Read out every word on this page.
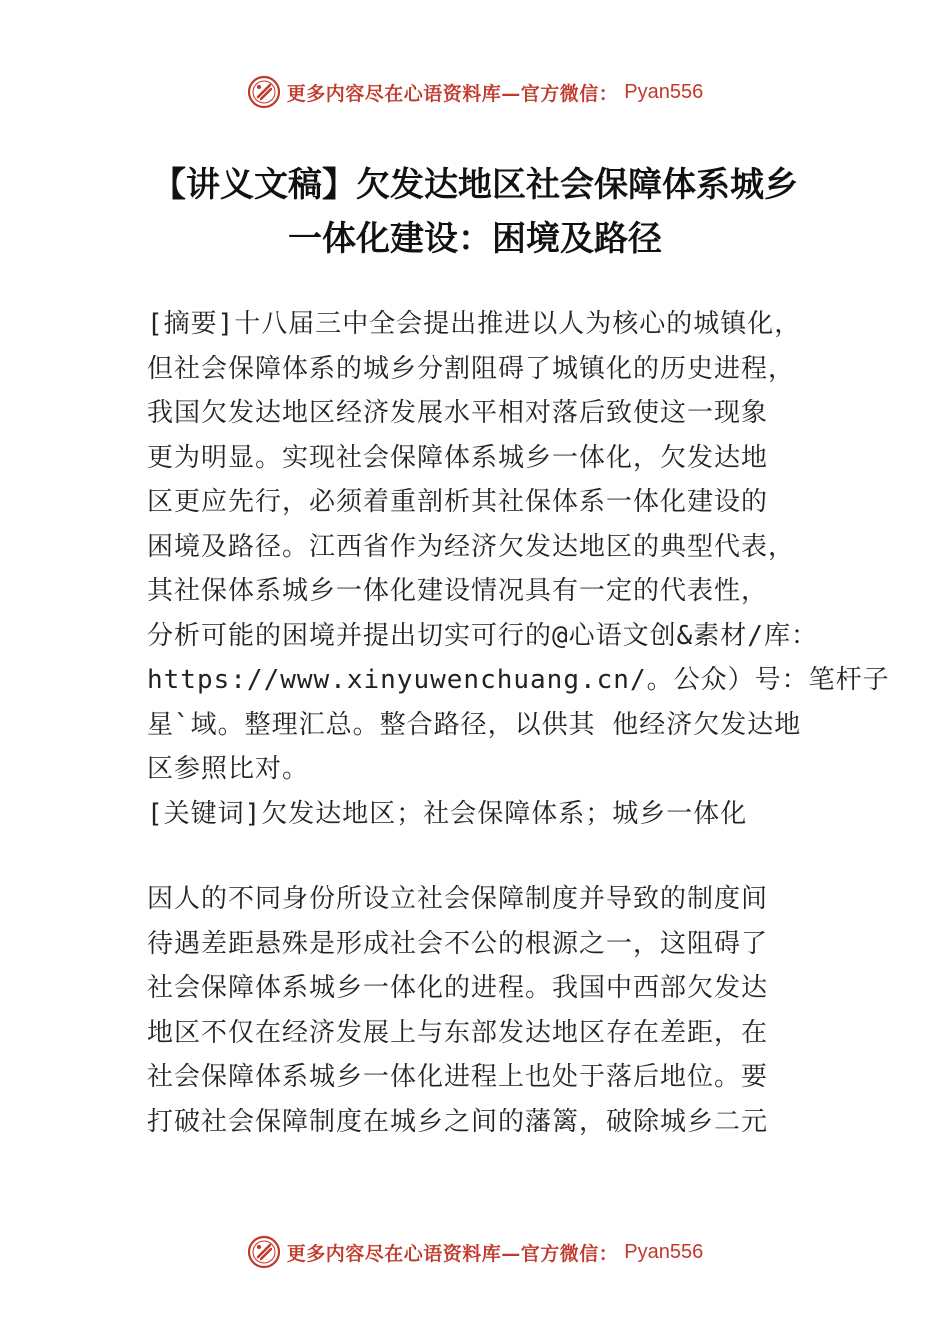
更多内容尽在心语资料库—官方微信： Pyan556
【讲义文稿】欠发达地区社会保障体系城乡
一体化建设：困境及路径
[摘要]十八届三中全会提出推进以人为核心的城镇化，
但社会保障体系的城乡分割阻碍了城镇化的历史进程，
我国欠发达地区经济发展水平相对落后致使这一现象
更为明显。实现社会保障体系城乡一体化，欠发达地
区更应先行，必须着重剖析其社保体系一体化建设的
困境及路径。江西省作为经济欠发达地区的典型代表，
其社保体系城乡一体化建设情况具有一定的代表性，
分析可能的困境并提出切实可行的@心语文创&素材/库：
https://www.xinyuwenchuang.cn/。公众）号：笔杆子
星`域。整理汇总。整合路径，以供其 他经济欠发达地
区参照比对。
[关键词]欠发达地区；社会保障体系；城乡一体化
因人的不同身份所设立社会保障制度并导致的制度间
待遇差距悬殊是形成社会不公的根源之一，这阻碍了
社会保障体系城乡一体化的进程。我国中西部欠发达
地区不仅在经济发展上与东部发达地区存在差距，在
社会保障体系城乡一体化进程上也处于落后地位。要
打破社会保障制度在城乡之间的藩篱，破除城乡二元
更多内容尽在心语资料库—官方微信： Pyan556
